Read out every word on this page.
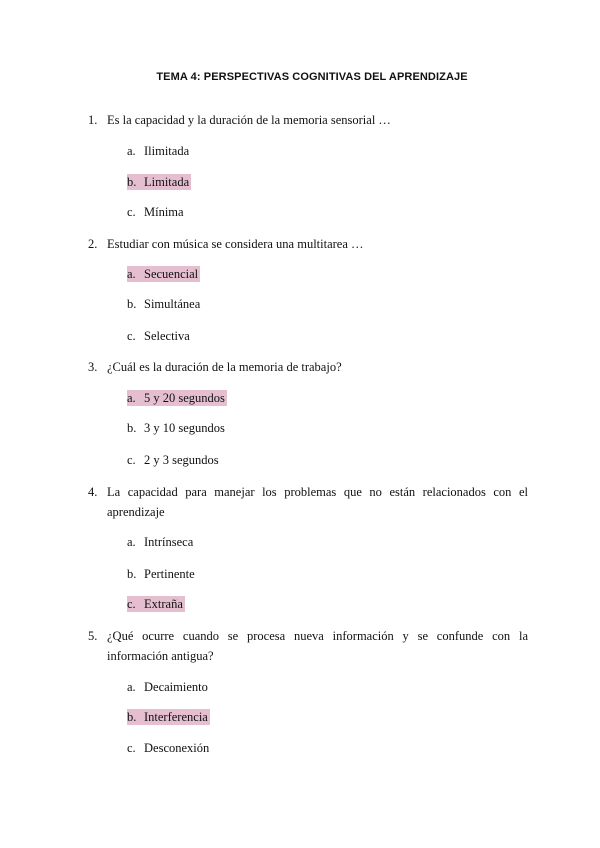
TEMA 4: PERSPECTIVAS COGNITIVAS DEL APRENDIZAJE
1. Es la capacidad y la duración de la memoria sensorial …
a. Ilimitada
b. Limitada
c. Mínima
2. Estudiar con música se considera una multitarea …
a. Secuencial
b. Simultánea
c. Selectiva
3. ¿Cuál es la duración de la memoria de trabajo?
a. 5 y 20 segundos
b. 3 y 10 segundos
c. 2 y 3 segundos
4. La capacidad para manejar los problemas que no están relacionados con el aprendizaje
a. Intrínseca
b. Pertinente
c. Extraña
5. ¿Qué ocurre cuando se procesa nueva información y se confunde con la información antigua?
a. Decaimiento
b. Interferencia
c. Desconexión
